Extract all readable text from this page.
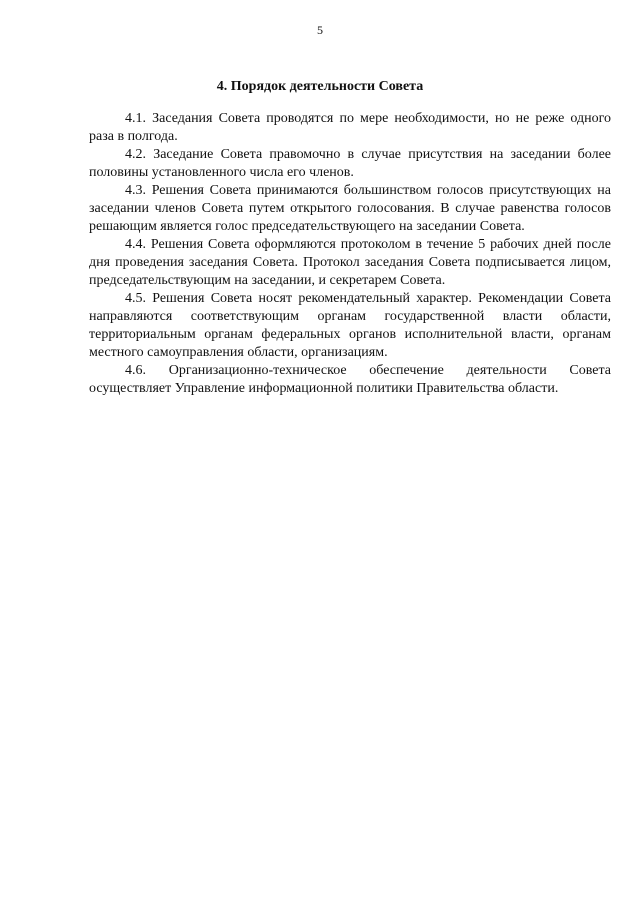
5
4. Порядок деятельности Совета

4.1. Заседания Совета проводятся по мере необходимости, но не реже одного раза в полгода.

4.2. Заседание Совета правомочно в случае присутствия на заседании более половины установленного числа его членов.

4.3. Решения Совета принимаются большинством голосов присутствующих на заседании членов Совета путем открытого голосования. В случае равенства голосов решающим является голос председательствующего на заседании Совета.

4.4. Решения Совета оформляются протоколом в течение 5 рабочих дней после дня проведения заседания Совета. Протокол заседания Совета подписывается лицом, председательствующим на заседании, и секретарем Совета.

4.5. Решения Совета носят рекомендательный характер. Рекомендации Совета направляются соответствующим органам государственной власти области, территориальным органам федеральных органов исполнительной власти, органам местного самоуправления области, организациям.

4.6. Организационно-техническое обеспечение деятельности Совета осуществляет Управление информационной политики Правительства области.
